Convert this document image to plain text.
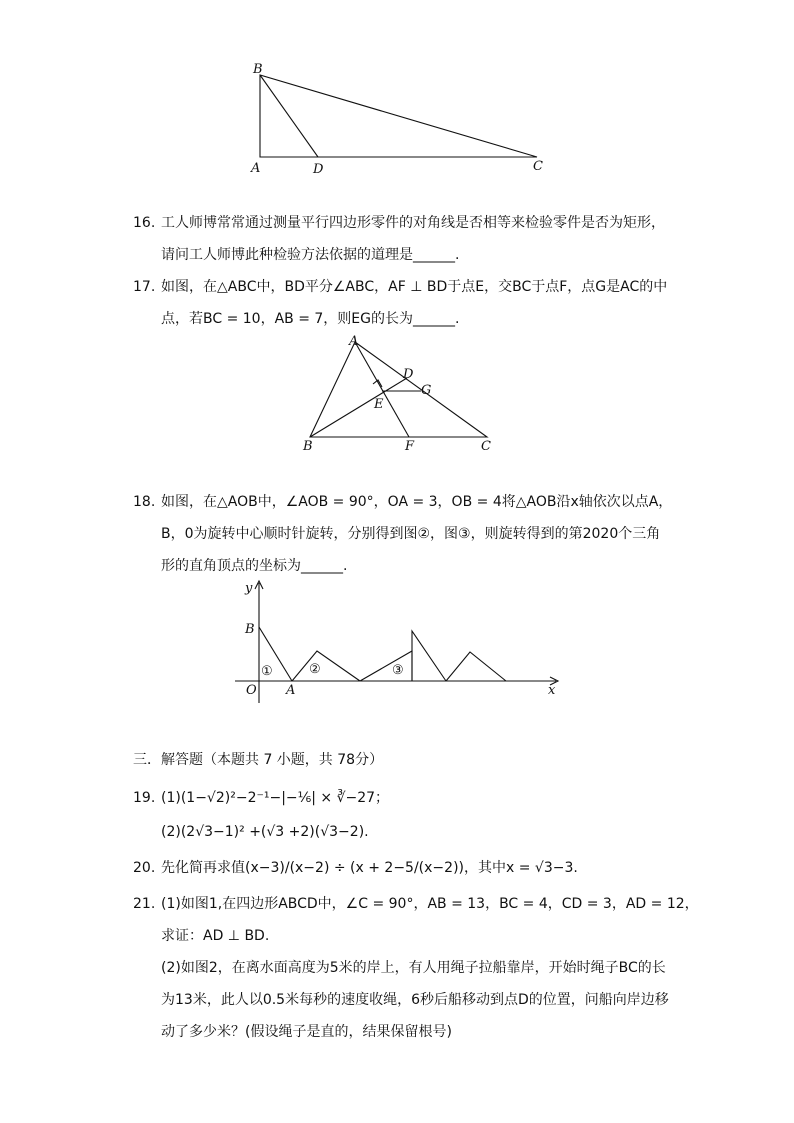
B
A	D	C
16. 工人师博常常通过测量平行四边形零件的对角线是否相等来检验零件是否为矩形，
请问工人师博此种检验方法依据的道理是______.
17. 如图，在△ABC中，BD平分∠ABC，AF ⊥ BD于点E，交BC于点F，点G是AC的中
点，若BC = 10，AB = 7，则EG的长为______.
A
D
G
E
B	F	C
18. 如图，在△AOB中，∠AOB = 90°，OA = 3，OB = 4将△AOB沿x轴依次以点A，
B，0为旋转中心顺时针旋转，分别得到图②，图③，则旋转得到的第2020个三角
形的直角顶点的坐标为______.
y
B
O A	x
①	②	③
三．解答题（本题共 7 小题，共 78分）
19. (1)(1−√2)²−2⁻¹−|−⅙| × ∛−27；
(2)(2√3−1)² +(√3 +2)(√3−2).
20. 先化简再求值(x−3)/(x−2) ÷ (x + 2−5/(x−2))，其中x = √3−3.
21. (1)如图1,在四边形ABCD中，∠C = 90°，AB = 13，BC = 4，CD = 3，AD = 12，
求证：AD ⊥ BD.
(2)如图2，在离水面高度为5米的岸上，有人用绳子拉船靠岸，开始时绳子BC的长
为13米，此人以0.5米每秒的速度收绳，6秒后船移动到点D的位置，问船向岸边移
动了多少米？(假设绳子是直的，结果保留根号)
